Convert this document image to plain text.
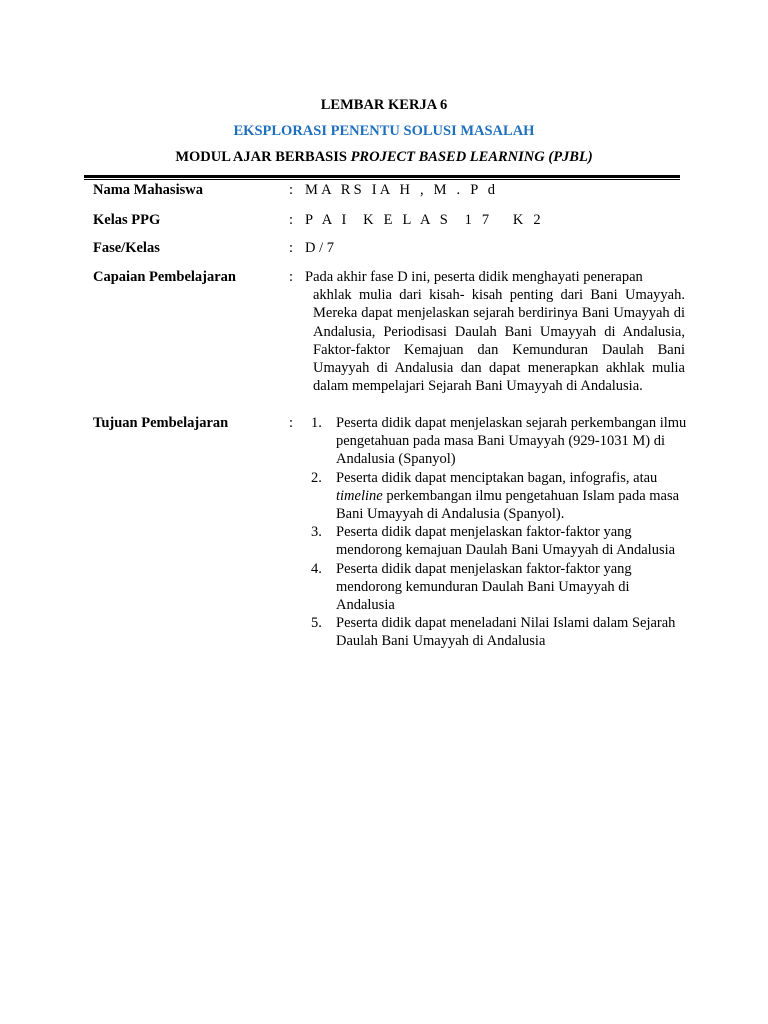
LEMBAR KERJA 6
EKSPLORASI PENENTU SOLUSI MASALAH
MODUL AJAR BERBASIS PROJECT BASED LEARNING (PJBL)
Nama Mahasiswa	: MA RS IA H , M . P d
Kelas PPG	: P A I  K E L A S  1 7   K 2
Fase/Kelas	: D / 7
Capaian Pembelajaran	: Pada akhir fase D ini, peserta didik menghayati penerapan
akhlak mulia dari kisah- kisah penting dari Bani Umayyah. Mereka dapat menjelaskan sejarah berdirinya Bani Umayyah di Andalusia, Periodisasi Daulah Bani Umayyah di Andalusia, Faktor-faktor Kemajuan dan Kemunduran Daulah Bani Umayyah di Andalusia dan dapat menerapkan akhlak mulia dalam mempelajari Sejarah Bani Umayyah di Andalusia.
Tujuan Pembelajaran	: 1. Peserta didik dapat menjelaskan sejarah perkembangan ilmu pengetahuan pada masa Bani Umayyah (929-1031 M) di Andalusia (Spanyol)
2. Peserta didik dapat menciptakan bagan, infografis, atau timeline perkembangan ilmu pengetahuan Islam pada masa Bani Umayyah di Andalusia (Spanyol).
3. Peserta didik dapat menjelaskan faktor-faktor yang mendorong kemajuan Daulah Bani Umayyah di Andalusia
4. Peserta didik dapat menjelaskan faktor-faktor yang mendorong kemunduran Daulah Bani Umayyah di Andalusia
5. Peserta didik dapat meneladani Nilai Islami dalam Sejarah Daulah Bani Umayyah di Andalusia
